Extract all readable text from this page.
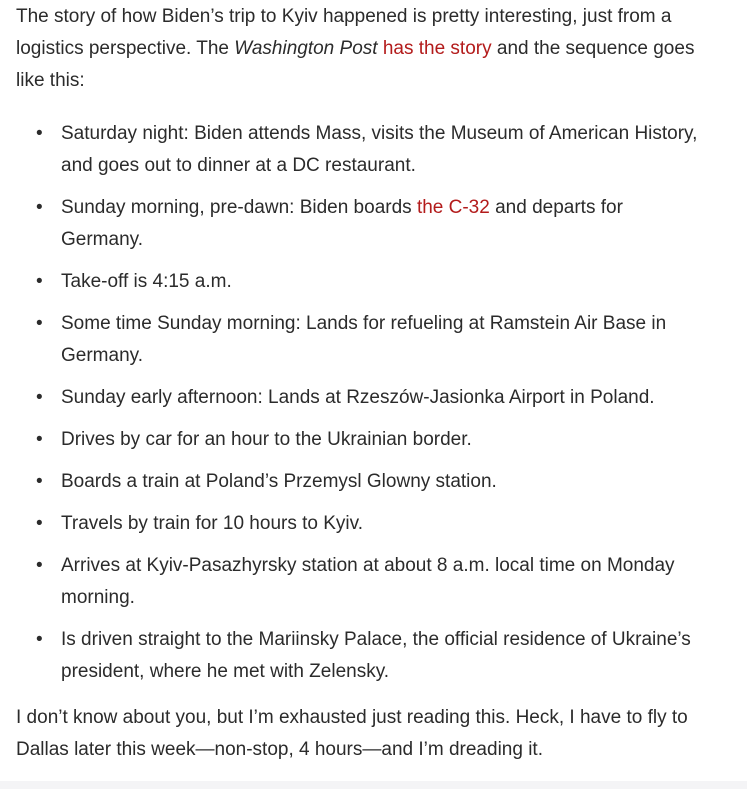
The story of how Biden’s trip to Kyiv happened is pretty interesting, just from a logistics perspective. The Washington Post has the story and the sequence goes like this:

• Saturday night: Biden attends Mass, visits the Museum of American History, and goes out to dinner at a DC restaurant.
• Sunday morning, pre-dawn: Biden boards the C-32 and departs for Germany.
• Take-off is 4:15 a.m.
• Some time Sunday morning: Lands for refueling at Ramstein Air Base in Germany.
• Sunday early afternoon: Lands at Rzeszów-Jasionka Airport in Poland.
• Drives by car for an hour to the Ukrainian border.
• Boards a train at Poland’s Przemysl Glowny station.
• Travels by train for 10 hours to Kyiv.
• Arrives at Kyiv-Pasazhyrsky station at about 8 a.m. local time on Monday morning.
• Is driven straight to the Mariinsky Palace, the official residence of Ukraine’s president, where he met with Zelensky.

I don’t know about you, but I’m exhausted just reading this. Heck, I have to fly to Dallas later this week—non-stop, 4 hours—and I’m dreading it.
